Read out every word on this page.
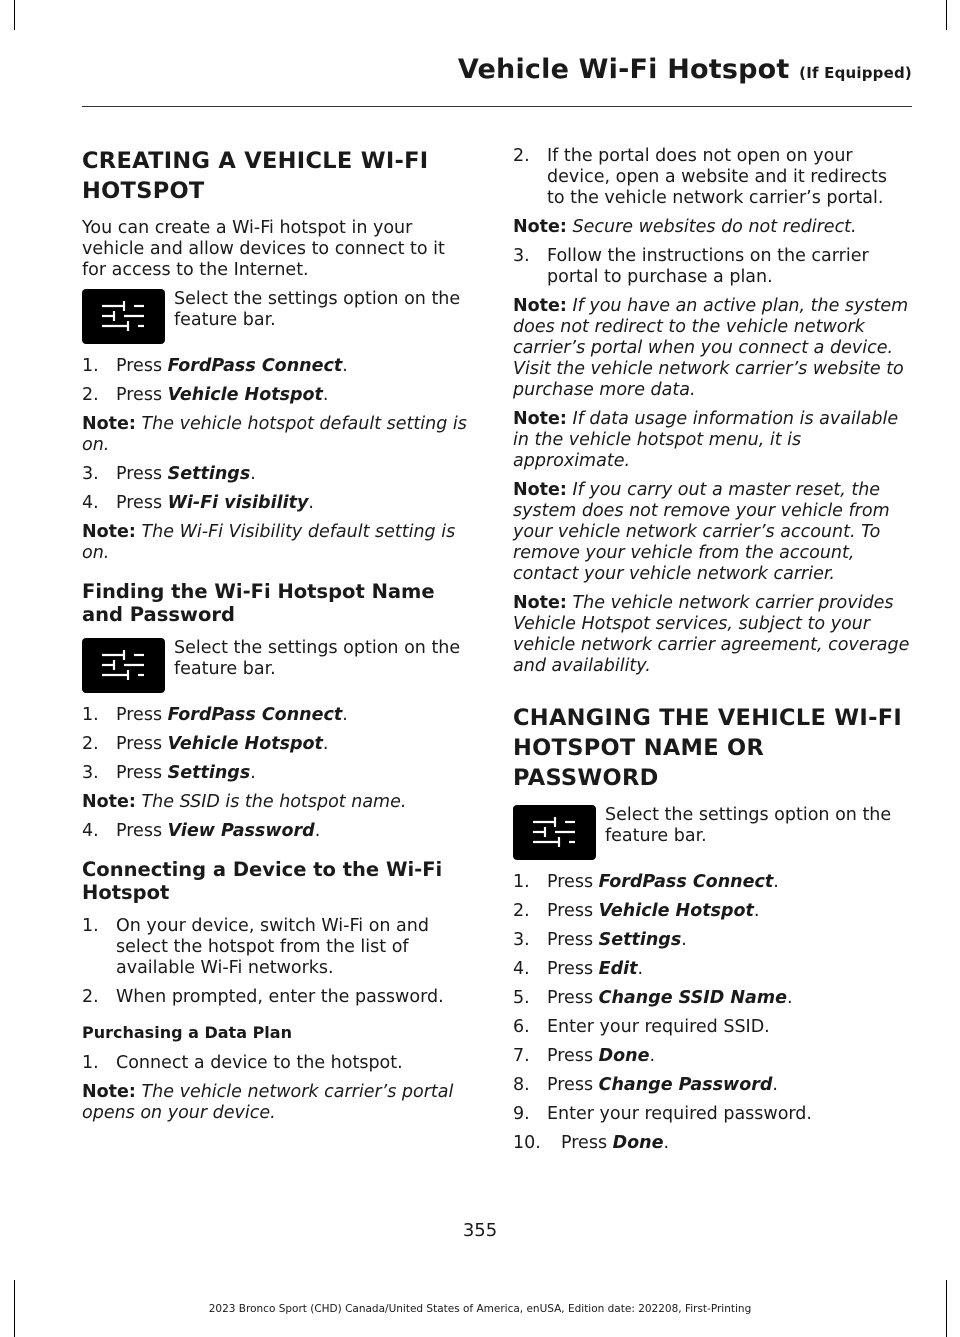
Vehicle Wi-Fi Hotspot (If Equipped)
CREATING A VEHICLE WI-FI HOTSPOT

You can create a Wi-Fi hotspot in your vehicle and allow devices to connect to it for access to the Internet.

Select the settings option on the feature bar.
1. Press FordPass Connect.
2. Press Vehicle Hotspot.

Note: The vehicle hotspot default setting is on.

3. Press Settings.
4. Press Wi-Fi visibility.

Note: The Wi-Fi Visibility default setting is on.

Finding the Wi-Fi Hotspot Name and Password
Select the settings option on the feature bar.
1. Press FordPass Connect.
2. Press Vehicle Hotspot.
3. Press Settings.

Note: The SSID is the hotspot name.

4. Press View Password.
Connecting a Device to the Wi-Fi Hotspot
1. On your device, switch Wi-Fi on and select the hotspot from the list of available Wi-Fi networks.
2. When prompted, enter the password.
Purchasing a Data Plan
1. Connect a device to the hotspot.

Note: The vehicle network carrier’s portal opens on your device.

2. If the portal does not open on your device, open a website and it redirects to the vehicle network carrier’s portal.

Note: Secure websites do not redirect.

3. Follow the instructions on the carrier portal to purchase a plan.

Note: If you have an active plan, the system does not redirect to the vehicle network carrier’s portal when you connect a device. Visit the vehicle network carrier’s website to purchase more data.

Note: If data usage information is available in the vehicle hotspot menu, it is approximate.

Note: If you carry out a master reset, the system does not remove your vehicle from your vehicle network carrier’s account. To remove your vehicle from the account, contact your vehicle network carrier.

Note: The vehicle network carrier provides Vehicle Hotspot services, subject to your vehicle network carrier agreement, coverage and availability.

CHANGING THE VEHICLE WI-FI HOTSPOT NAME OR PASSWORD
Select the settings option on the feature bar.
1. Press FordPass Connect.
2. Press Vehicle Hotspot.
3. Press Settings.
4. Press Edit.
5. Press Change SSID Name.
6. Enter your required SSID.
7. Press Done.
8. Press Change Password.
9. Enter your required password.
10.	Press Done.
355
2023 Bronco Sport (CHD) Canada/United States of America, enUSA, Edition date: 202208, First-Printing
